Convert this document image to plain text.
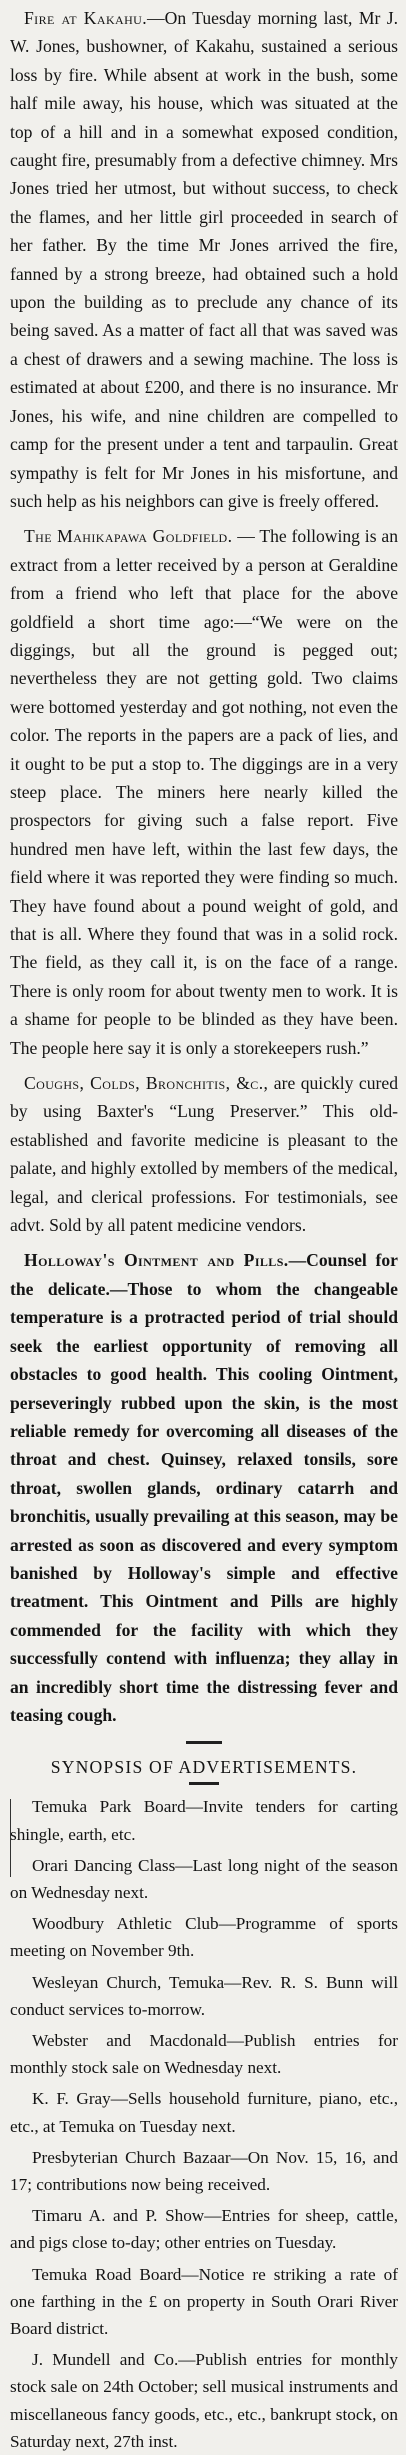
Fire at Kakahu.—On Tuesday morning last, Mr J. W. Jones, bushowner, of Kakahu, sustained a serious loss by fire. While absent at work in the bush, some half mile away, his house, which was situated at the top of a hill and in a somewhat exposed condition, caught fire, presumably from a defective chimney. Mrs Jones tried her utmost, but without success, to check the flames, and her little girl proceeded in search of her father. By the time Mr Jones arrived the fire, fanned by a strong breeze, had obtained such a hold upon the building as to preclude any chance of its being saved. As a matter of fact all that was saved was a chest of drawers and a sewing machine. The loss is estimated at about £200, and there is no insurance. Mr Jones, his wife, and nine children are compelled to camp for the present under a tent and tarpaulin. Great sympathy is felt for Mr Jones in his misfortune, and such help as his neighbors can give is freely offered.

The Mahikapawa Goldfield. — The following is an extract from a letter received by a person at Geraldine from a friend who left that place for the above goldfield a short time ago:—“We were on the diggings, but all the ground is pegged out; nevertheless they are not getting gold. Two claims were bottomed yesterday and got nothing, not even the color. The reports in the papers are a pack of lies, and it ought to be put a stop to. The diggings are in a very steep place. The miners here nearly killed the prospectors for giving such a false report. Five hundred men have left, within the last few days, the field where it was reported they were finding so much. They have found about a pound weight of gold, and that is all. Where they found that was in a solid rock. The field, as they call it, is on the face of a range. There is only room for about twenty men to work. It is a shame for people to be blinded as they have been. The people here say it is only a storekeepers rush.”

Coughs, Colds, Bronchitis, &c., are quickly cured by using Baxter's “Lung Preserver.” This old-established and favorite medicine is pleasant to the palate, and highly extolled by members of the medical, legal, and clerical professions. For testimonials, see advt. Sold by all patent medicine vendors.

Holloway's Ointment and Pills.—Counsel for the delicate.—Those to whom the changeable temperature is a protracted period of trial should seek the earliest opportunity of removing all obstacles to good health. This cooling Ointment, perseveringly rubbed upon the skin, is the most reliable remedy for overcoming all diseases of the throat and chest. Quinsey, relaxed tonsils, sore throat, swollen glands, ordinary catarrh and bronchitis, usually prevailing at this season, may be arrested as soon as discovered and every symptom banished by Holloway's simple and effective treatment. This Ointment and Pills are highly commended for the facility with which they successfully contend with influenza; they allay in an incredibly short time the distressing fever and teasing cough.

SYNOPSIS OF ADVERTISEMENTS.

Temuka Park Board—Invite tenders for carting shingle, earth, etc.

Orari Dancing Class—Last long night of the season on Wednesday next.

Woodbury Athletic Club—Programme of sports meeting on November 9th.

Wesleyan Church, Temuka—Rev. R. S. Bunn will conduct services to-morrow.

Webster and Macdonald—Publish entries for monthly stock sale on Wednesday next.

K. F. Gray—Sells household furniture, piano, etc., etc., at Temuka on Tuesday next.

Presbyterian Church Bazaar—On Nov. 15, 16, and 17; contributions now being received.

Timaru A. and P. Show—Entries for sheep, cattle, and pigs close to-day; other entries on Tuesday.

Temuka Road Board—Notice re striking a rate of one farthing in the £ on property in South Orari River Board district.

J. Mundell and Co.—Publish entries for monthly stock sale on 24th October; sell musical instruments and miscellaneous fancy goods, etc., etc., bankrupt stock, on Saturday next, 27th inst.
